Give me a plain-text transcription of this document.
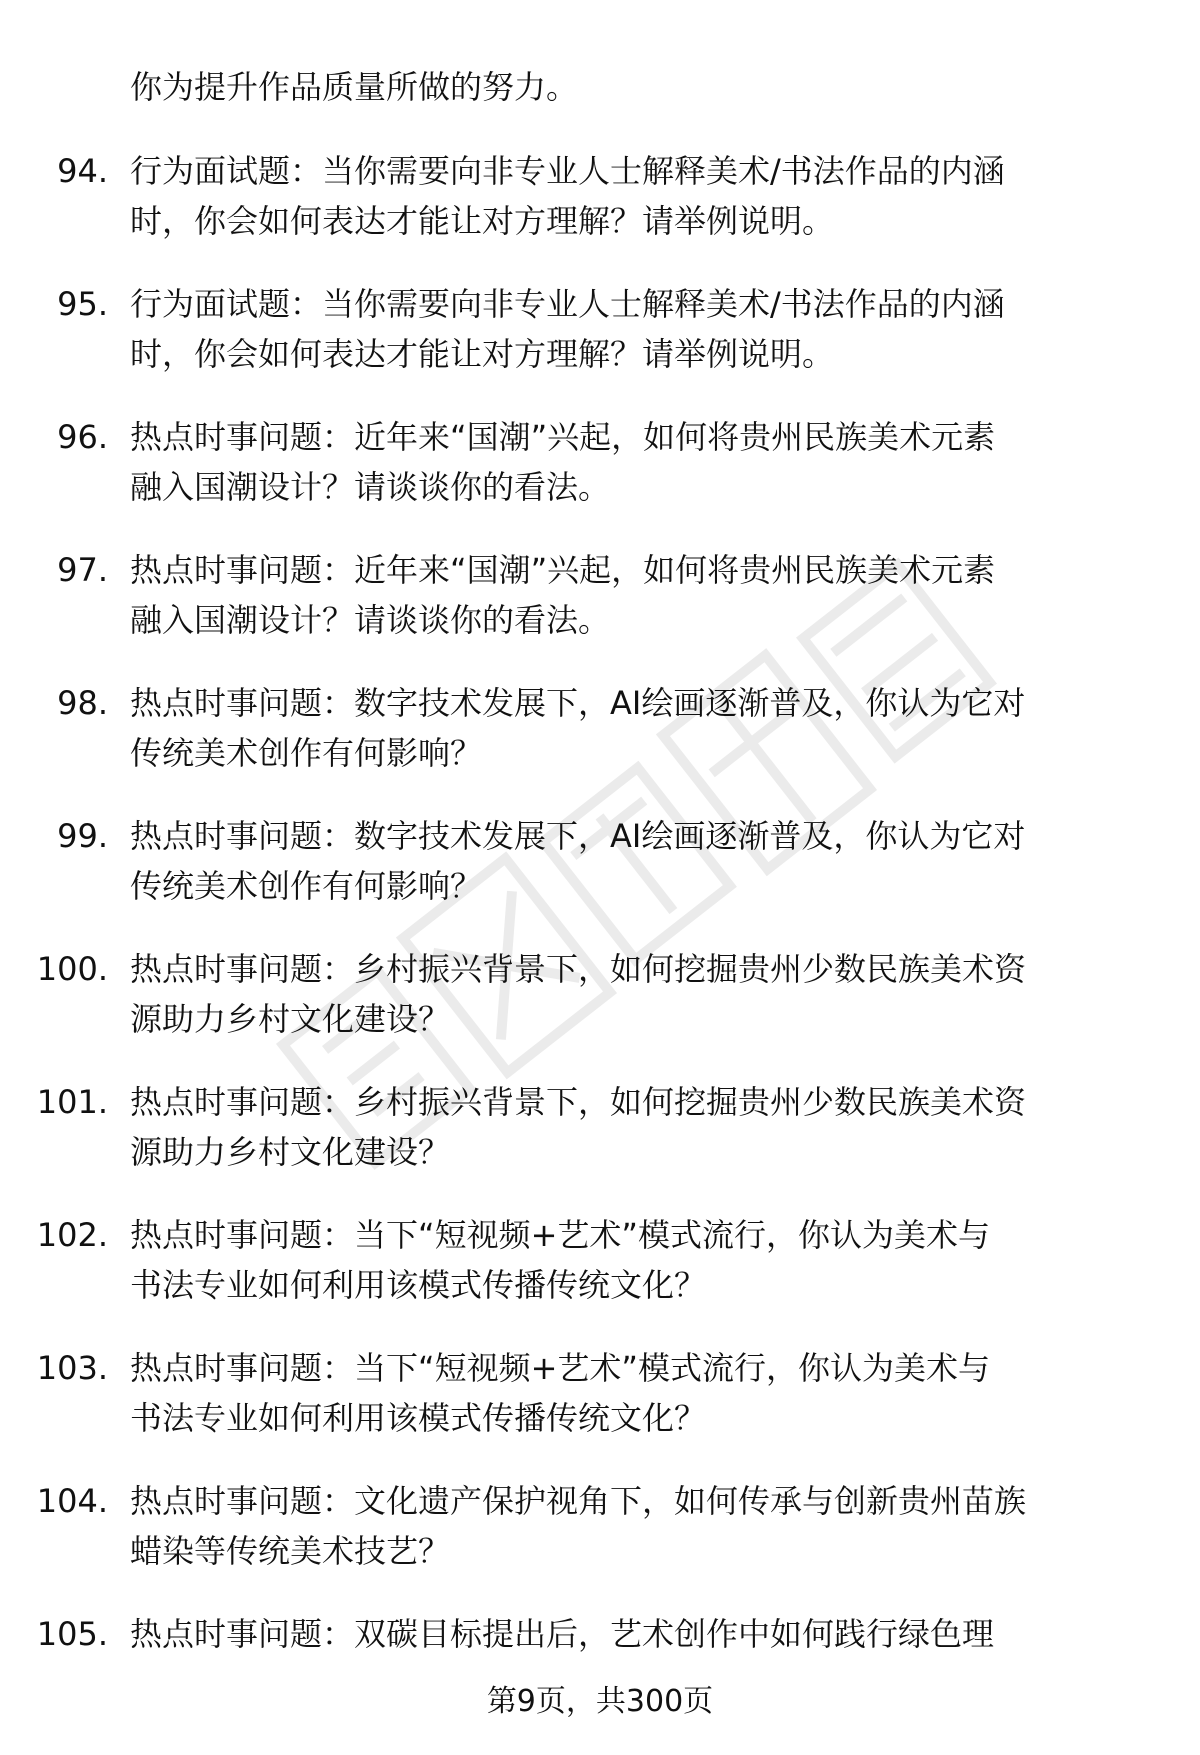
你为提升作品质量所做的努力。
94. 行为面试题：当你需要向非专业人士解释美术/书法作品的内涵
时，你会如何表达才能让对方理解？请举例说明。
95. 行为面试题：当你需要向非专业人士解释美术/书法作品的内涵
时，你会如何表达才能让对方理解？请举例说明。
96. 热点时事问题：近年来“国潮”兴起，如何将贵州民族美术元素
融入国潮设计？请谈谈你的看法。
97. 热点时事问题：近年来“国潮”兴起，如何将贵州民族美术元素
融入国潮设计？请谈谈你的看法。
98. 热点时事问题：数字技术发展下，AI绘画逐渐普及，你认为它对
传统美术创作有何影响？
99. 热点时事问题：数字技术发展下，AI绘画逐渐普及，你认为它对
传统美术创作有何影响？
100. 热点时事问题：乡村振兴背景下，如何挖掘贵州少数民族美术资
源助力乡村文化建设？
101. 热点时事问题：乡村振兴背景下，如何挖掘贵州少数民族美术资
源助力乡村文化建设？
102. 热点时事问题：当下“短视频+艺术”模式流行，你认为美术与
书法专业如何利用该模式传播传统文化？
103. 热点时事问题：当下“短视频+艺术”模式流行，你认为美术与
书法专业如何利用该模式传播传统文化？
104. 热点时事问题：文化遗产保护视角下，如何传承与创新贵州苗族
蜡染等传统美术技艺？
105. 热点时事问题：双碳目标提出后，艺术创作中如何践行绿色理
第9页，共300页
